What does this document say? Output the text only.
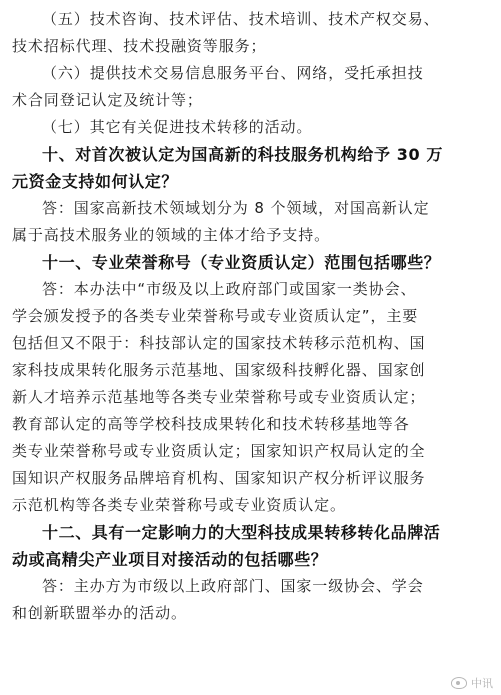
（五）技术咨询、技术评估、技术培训、技术产权交易、
技术招标代理、技术投融资等服务；
（六）提供技术交易信息服务平台、网络，受托承担技
术合同登记认定及统计等；
（七）其它有关促进技术转移的活动。
十、对首次被认定为国高新的科技服务机构给予 30 万
元资金支持如何认定？
答：国家高新技术领域划分为 8 个领域，对国高新认定
属于高技术服务业的领域的主体才给予支持。
十一、专业荣誉称号（专业资质认定）范围包括哪些？
答：本办法中“市级及以上政府部门或国家一类协会、
学会颁发授予的各类专业荣誉称号或专业资质认定”，主要
包括但又不限于：科技部认定的国家技术转移示范机构、国
家科技成果转化服务示范基地、国家级科技孵化器、国家创
新人才培养示范基地等各类专业荣誉称号或专业资质认定；
教育部认定的高等学校科技成果转化和技术转移基地等各
类专业荣誉称号或专业资质认定；国家知识产权局认定的全
国知识产权服务品牌培育机构、国家知识产权分析评议服务
示范机构等各类专业荣誉称号或专业资质认定。
十二、具有一定影响力的大型科技成果转移转化品牌活
动或高精尖产业项目对接活动的包括哪些？
答：主办方为市级以上政府部门、国家一级协会、学会
和创新联盟举办的活动。
中讯
